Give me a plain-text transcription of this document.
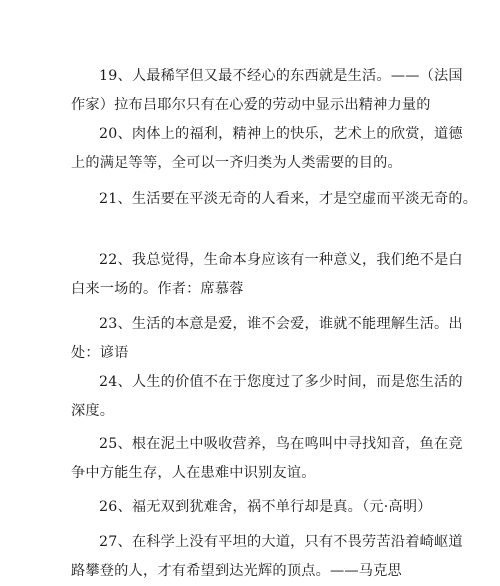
19、人最稀罕但又最不经心的东西就是生活。——（法国
作家）拉布吕耶尔只有在心爱的劳动中显示出精神力量的

20、肉体上的福利，精神上的快乐，艺术上的欣赏，道德
上的满足等等，全可以一齐归类为人类需要的目的。

21、生活要在平淡无奇的人看来，才是空虚而平淡无奇的。

22、我总觉得，生命本身应该有一种意义，我们绝不是白
白来一场的。作者：席慕蓉

23、生活的本意是爱，谁不会爱，谁就不能理解生活。出
处：谚语

24、人生的价值不在于您度过了多少时间，而是您生活的
深度。

25、根在泥土中吸收营养，鸟在鸣叫中寻找知音，鱼在竞
争中方能生存，人在患难中识别友谊。

26、福无双到犹难舍，祸不单行却是真。（元·高明）

27、在科学上没有平坦的大道，只有不畏劳苦沿着崎岖道
路攀登的人，才有希望到达光辉的顶点。——马克思
